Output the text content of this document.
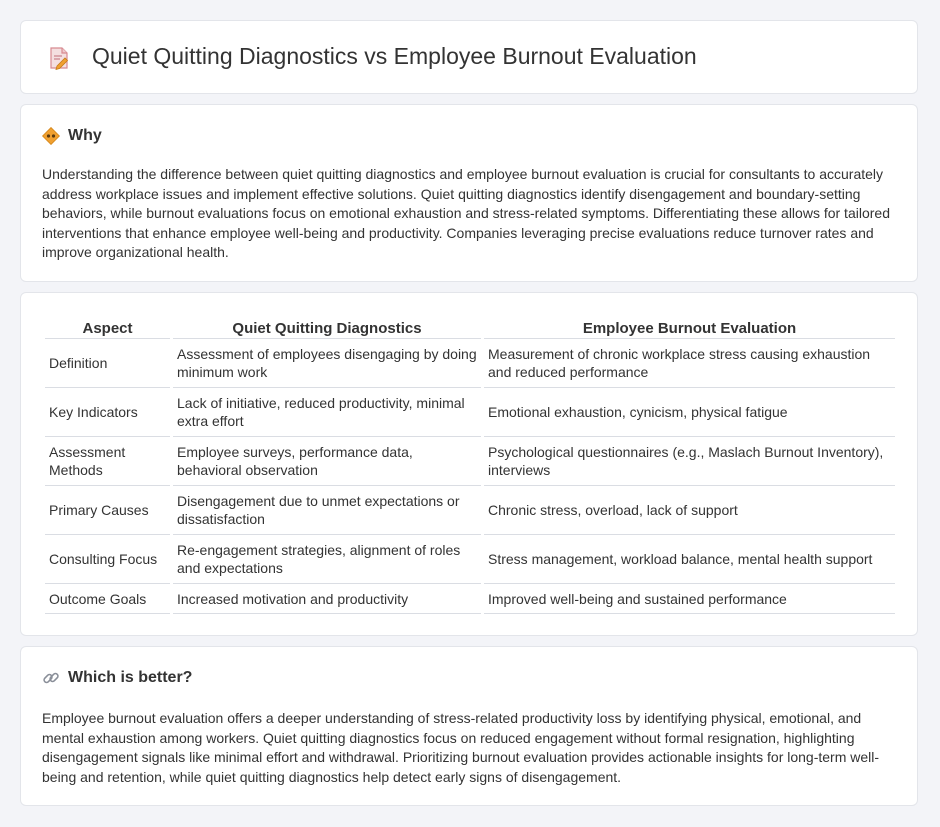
Quiet Quitting Diagnostics vs Employee Burnout Evaluation
Why

Understanding the difference between quiet quitting diagnostics and employee burnout evaluation is crucial for consultants to accurately address workplace issues and implement effective solutions. Quiet quitting diagnostics identify disengagement and boundary-setting behaviors, while burnout evaluations focus on emotional exhaustion and stress-related symptoms. Differentiating these allows for tailored interventions that enhance employee well-being and productivity. Companies leveraging precise evaluations reduce turnover rates and improve organizational health.

Aspect	Quiet Quitting Diagnostics	Employee Burnout Evaluation
Definition	Assessment of employees disengaging by doing minimum work	Measurement of chronic workplace stress causing exhaustion and reduced performance
Key Indicators	Lack of initiative, reduced productivity, minimal extra effort	Emotional exhaustion, cynicism, physical fatigue
Assessment Methods	Employee surveys, performance data, behavioral observation	Psychological questionnaires (e.g., Maslach Burnout Inventory), interviews
Primary Causes	Disengagement due to unmet expectations or dissatisfaction	Chronic stress, overload, lack of support
Consulting Focus	Re-engagement strategies, alignment of roles and expectations	Stress management, workload balance, mental health support
Outcome Goals	Increased motivation and productivity	Improved well-being and sustained performance
Which is better?

Employee burnout evaluation offers a deeper understanding of stress-related productivity loss by identifying physical, emotional, and mental exhaustion among workers. Quiet quitting diagnostics focus on reduced engagement without formal resignation, highlighting disengagement signals like minimal effort and withdrawal. Prioritizing burnout evaluation provides actionable insights for long-term well-being and retention, while quiet quitting diagnostics help detect early signs of disengagement.
